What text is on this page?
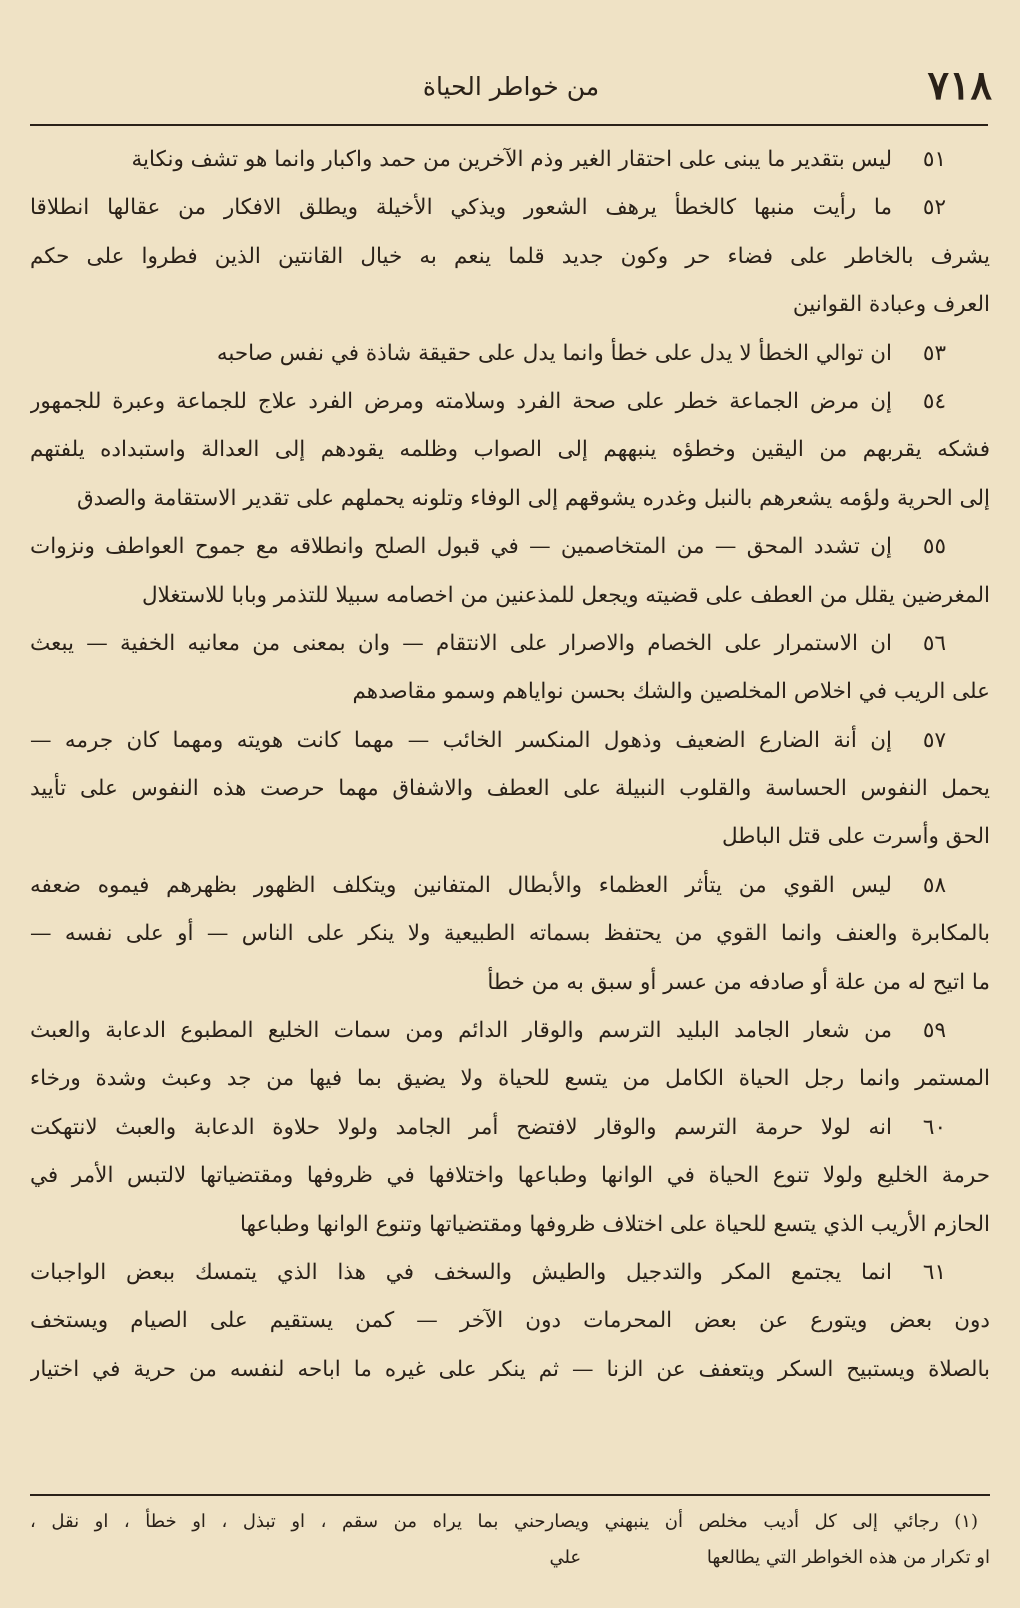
٧١٨
من خواطر الحياة
٥١ليس بتقدير ما يبنى على احتقار الغير وذم الآخرين من حمد واكبار وانما هو تشف ونكاية
٥٢ما رأيت منبها كالخطأ يرهف الشعور ويذكي الأخيلة ويطلق الافكار من عقالها انطلاقا
يشرف بالخاطر على فضاء حر وكون جديد قلما ينعم به خيال القانتين الذين فطروا على حكم
العرف وعبادة القوانين
٥٣ان توالي الخطأ لا يدل على خطأ وانما يدل على حقيقة شاذة في نفس صاحبه
٥٤إن مرض الجماعة خطر على صحة الفرد وسلامته ومرض الفرد علاج للجماعة وعبرة للجمهور
فشكه يقربهم من اليقين وخطؤه ينبههم إلى الصواب وظلمه يقودهم إلى العدالة واستبداده يلفتهم
إلى الحرية ولؤمه يشعرهم بالنبل وغدره يشوقهم إلى الوفاء وتلونه يحملهم على تقدير الاستقامة والصدق
٥٥إن تشدد المحق — من المتخاصمين — في قبول الصلح وانطلاقه مع جموح العواطف ونزوات
المغرضين يقلل من العطف على قضيته ويجعل للمذعنين من اخصامه سبيلا للتذمر وبابا للاستغلال
٥٦ان الاستمرار على الخصام والاصرار على الانتقام — وان بمعنى من معانيه الخفية — يبعث
على الريب في اخلاص المخلصين والشك بحسن نواياهم وسمو مقاصدهم
٥٧إن أنة الضارع الضعيف وذهول المنكسر الخائب — مهما كانت هويته ومهما كان جرمه —
يحمل النفوس الحساسة والقلوب النبيلة على العطف والاشفاق مهما حرصت هذه النفوس على تأييد
الحق وأسرت على قتل الباطل
٥٨ليس القوي من يتأثر العظماء والأبطال المتفانين ويتكلف الظهور بظهرهم فيموه ضعفه
بالمكابرة والعنف وانما القوي من يحتفظ بسماته الطبيعية ولا ينكر على الناس — أو على نفسه —
ما اتيح له من علة أو صادفه من عسر أو سبق به من خطأ
٥٩من شعار الجامد البليد الترسم والوقار الدائم ومن سمات الخليع المطبوع الدعابة والعبث
المستمر وانما رجل الحياة الكامل من يتسع للحياة ولا يضيق بما فيها من جد وعبث وشدة ورخاء
٦٠انه لولا حرمة الترسم والوقار لافتضح أمر الجامد ولولا حلاوة الدعابة والعبث لانتهكت
حرمة الخليع ولولا تنوع الحياة في الوانها وطباعها واختلافها في ظروفها ومقتضياتها لالتبس الأمر في
الحازم الأريب الذي يتسع للحياة على اختلاف ظروفها ومقتضياتها وتنوع الوانها وطباعها
٦١انما يجتمع المكر والتدجيل والطيش والسخف في هذا الذي يتمسك ببعض الواجبات
دون بعض ويتورع عن بعض المحرمات دون الآخر — كمن يستقيم على الصيام ويستخف
بالصلاة ويستبيح السكر ويتعفف عن الزنا — ثم ينكر على غيره ما اباحه لنفسه من حرية في اختيار
(١) رجائي إلى كل أديب مخلص أن ينبهني ويصارحني بما يراه من سقم ، او تبذل ، او خطأ ، او نقل ،
او تكرار من هذه الخواطر التي يطالعها علي
